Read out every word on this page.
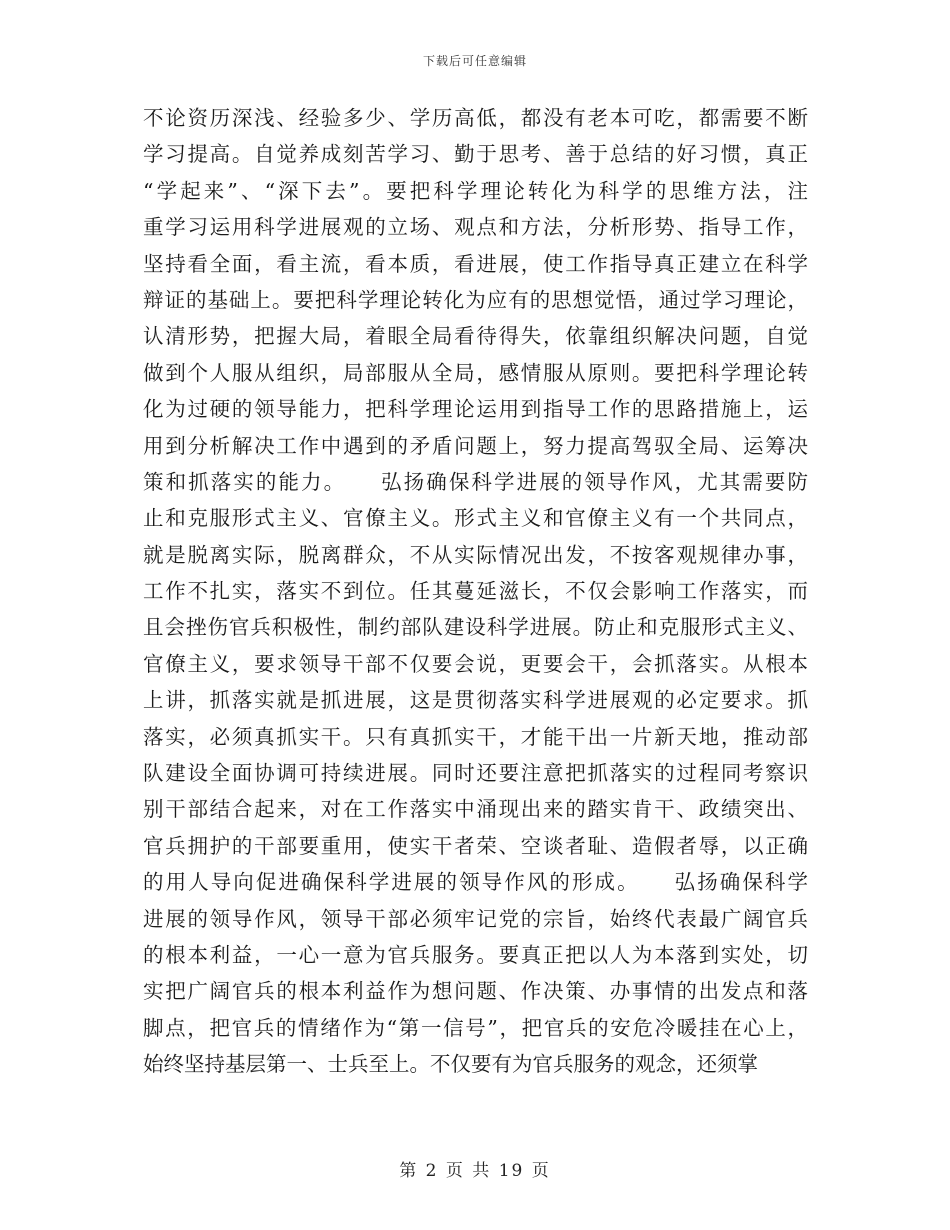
下载后可任意编辑
不论资历深浅、经验多少、学历高低，都没有老本可吃，都需要不断
学习提高。自觉养成刻苦学习、勤于思考、善于总结的好习惯，真正
“学起来”、“深下去”。要把科学理论转化为科学的思维方法，注
重学习运用科学进展观的立场、观点和方法，分析形势、指导工作，
坚持看全面，看主流，看本质，看进展，使工作指导真正建立在科学
辩证的基础上。要把科学理论转化为应有的思想觉悟，通过学习理论，
认清形势，把握大局，着眼全局看待得失，依靠组织解决问题，自觉
做到个人服从组织，局部服从全局，感情服从原则。要把科学理论转
化为过硬的领导能力，把科学理论运用到指导工作的思路措施上，运
用到分析解决工作中遇到的矛盾问题上，努力提高驾驭全局、运筹决
策和抓落实的能力。　　弘扬确保科学进展的领导作风，尤其需要防
止和克服形式主义、官僚主义。形式主义和官僚主义有一个共同点，
就是脱离实际，脱离群众，不从实际情况出发，不按客观规律办事，
工作不扎实，落实不到位。任其蔓延滋长，不仅会影响工作落实，而
且会挫伤官兵积极性，制约部队建设科学进展。防止和克服形式主义、
官僚主义，要求领导干部不仅要会说，更要会干，会抓落实。从根本
上讲，抓落实就是抓进展，这是贯彻落实科学进展观的必定要求。抓
落实，必须真抓实干。只有真抓实干，才能干出一片新天地，推动部
队建设全面协调可持续进展。同时还要注意把抓落实的过程同考察识
别干部结合起来，对在工作落实中涌现出来的踏实肯干、政绩突出、
官兵拥护的干部要重用，使实干者荣、空谈者耻、造假者辱，以正确
的用人导向促进确保科学进展的领导作风的形成。　　弘扬确保科学
进展的领导作风，领导干部必须牢记党的宗旨，始终代表最广阔官兵
的根本利益，一心一意为官兵服务。要真正把以人为本落到实处，切
实把广阔官兵的根本利益作为想问题、作决策、办事情的出发点和落
脚点，把官兵的情绪作为“第一信号”，把官兵的安危冷暖挂在心上，
始终坚持基层第一、士兵至上。不仅要有为官兵服务的观念，还须掌
第 2 页 共 19 页
